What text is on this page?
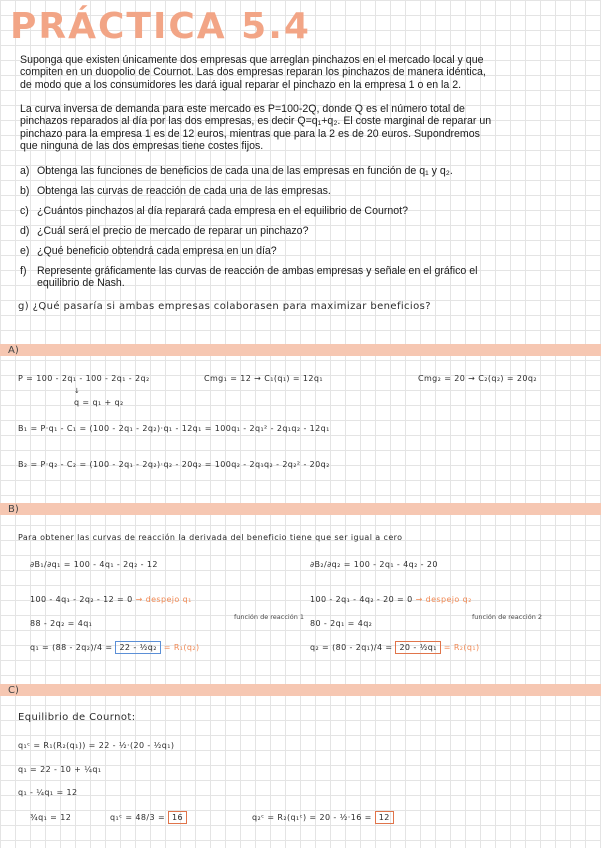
PRÁCTICA 5.4

Suponga que existen únicamente dos empresas que arreglan pinchazos en el mercado local y que compiten en un duopolio de Cournot. Las dos empresas reparan los pinchazos de manera idéntica, de modo que a los consumidores les dará igual reparar el pinchazo en la empresa 1 o en la 2.

La curva inversa de demanda para este mercado es P=100-2Q, donde Q es el número total de pinchazos reparados al día por las dos empresas, es decir Q=q₁+q₂. El coste marginal de reparar un pinchazo para la empresa 1 es de 12 euros, mientras que para la 2 es de 20 euros. Supondremos que ninguna de las dos empresas tiene costes fijos.

a) Obtenga las funciones de beneficios de cada una de las empresas en función de q₁ y q₂.
b) Obtenga las curvas de reacción de cada una de las empresas.
c) ¿Cuántos pinchazos al día reparará cada empresa en el equilibrio de Cournot?
d) ¿Cuál será el precio de mercado de reparar un pinchazo?
e) ¿Qué beneficio obtendrá cada empresa en un día?
f) Represente gráficamente las curvas de reacción de ambas empresas y señale en el gráfico el equilibrio de Nash.
g) ¿Qué pasaría si ambas empresas colaborasen para maximizar beneficios?
A)
P = 100 - 2q₁ - 100 - 2q₁ - 2q₂	Cmg₁ = 12 → C₁(q₁) = 12q₁	Cmg₂ = 20 → C₂(q₂) = 20q₂
↓
q = q₁ + q₂
B₁ = P·q₁ - C₁ = (100 - 2q₁ - 2q₂)·q₁ - 12q₁ = 100q₁ - 2q₁² - 2q₁q₂ - 12q₁
B₂ = P·q₂ - C₂ = (100 - 2q₁ - 2q₂)·q₂ - 20q₂ = 100q₂ - 2q₁q₂ - 2q₂² - 20q₂
B)
Para obtener las curvas de reacción la derivada del beneficio tiene que ser igual a cero
∂B₁/∂q₁ = 100 - 4q₁ - 2q₂ - 12	∂B₂/∂q₂ = 100 - 2q₁ - 4q₂ - 20
100 - 4q₁ - 2q₂ - 12 = 0 → despejo q₁	100 - 2q₁ - 4q₂ - 20 = 0 → despejo q₂
88 - 2q₂ = 4q₁	80 - 2q₁ = 4q₂
función de reacción 1	función de reacción 2
q₁ = (88 - 2q₂)/4 = 22 - ½q₂ = R₁(q₂)	q₂ = (80 - 2q₁)/4 = 20 - ½q₁ = R₂(q₁)
C)
Equilibrio de Cournot:
q₁ᶜ = R₁(R₂(q₁)) = 22 - ½·(20 - ½q₁)
q₁ = 22 - 10 + ¼q₁
q₁ - ¼q₁ = 12
¾q₁ = 12	q₁ᶜ = 48/3 = 16	q₂ᶜ = R₂(q₁ᶜ) = 20 - ½·16 = 12
